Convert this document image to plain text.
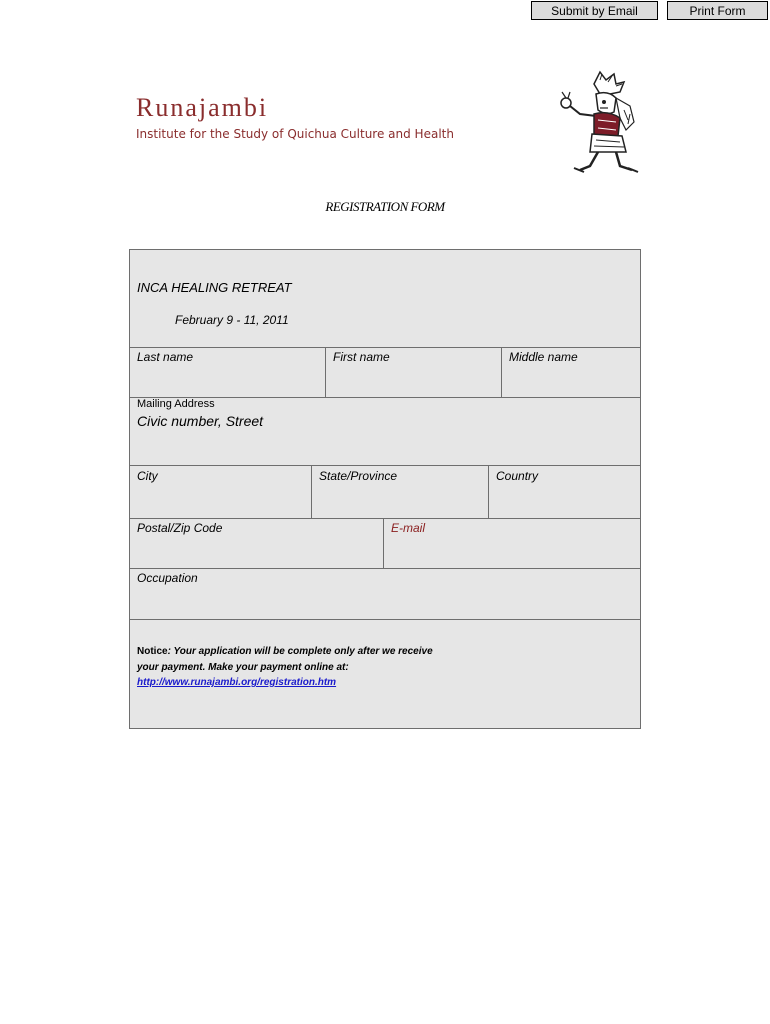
Submit by Email	Print Form
Runajambi
Institute for the Study of Quichua Culture and Health
REGISTRATION FORM
INCA HEALING RETREAT
February 9 - 11, 2011
Last name	First name	Middle name
Mailing Address
Civic number, Street
City	State/Province	Country
Postal/Zip Code	E-mail
Occupation
Notice: Your application will be complete only after we receive your payment. Make your payment online at:
http://www.runajambi.org/registration.htm
